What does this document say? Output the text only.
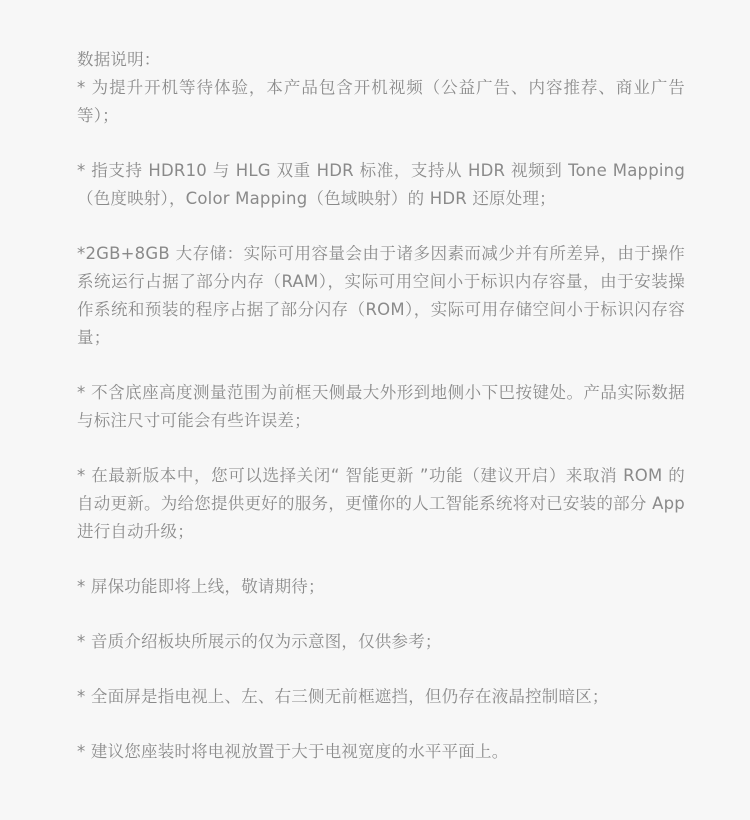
数据说明：

* 为提升开机等待体验，本产品包含开机视频（公益广告、内容推荐、商业广告等）；

* 指支持 HDR10 与 HLG 双重 HDR 标准，支持从 HDR 视频到 Tone Mapping（色度映射），Color Mapping（色域映射）的 HDR 还原处理；

*2GB+8GB 大存储：实际可用容量会由于诸多因素而减少并有所差异，由于操作系统运行占据了部分内存（RAM），实际可用空间小于标识内存容量，由于安装操作系统和预装的程序占据了部分闪存（ROM），实际可用存储空间小于标识闪存容量；

* 不含底座高度测量范围为前框天侧最大外形到地侧小下巴按键处。产品实际数据与标注尺寸可能会有些许误差；

* 在最新版本中，您可以选择关闭“ 智能更新 ”功能（建议开启）来取消 ROM 的自动更新。为给您提供更好的服务，更懂你的人工智能系统将对已安装的部分 App 进行自动升级；

* 屏保功能即将上线，敬请期待；

* 音质介绍板块所展示的仅为示意图，仅供参考；

* 全面屏是指电视上、左、右三侧无前框遮挡，但仍存在液晶控制暗区；

* 建议您座装时将电视放置于大于电视宽度的水平平面上。
